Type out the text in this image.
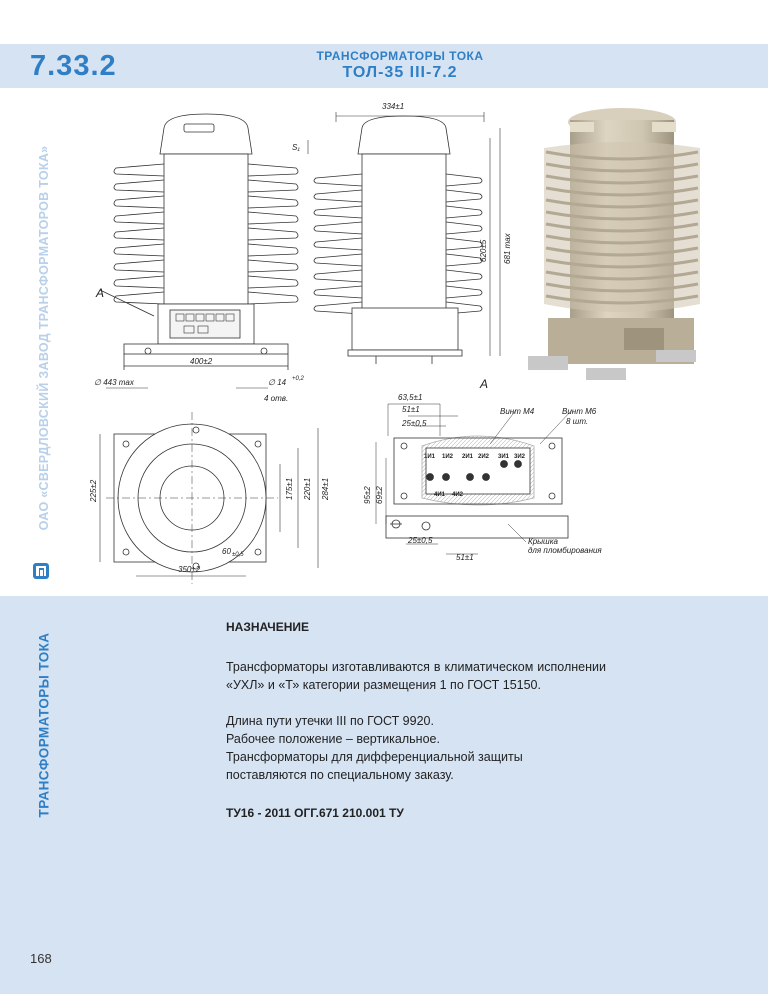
7.33.2	ТРАНСФОРМАТОРЫ ТОКА
ТОЛ-35 III-7.2
ОАО «СВЕРДЛОВСКИЙ ЗАВОД ТРАНСФОРМАТОРОВ ТОКА»	A
400±2
334±1
S₁
620±5 681 max
∅ 443 max	∅ 14 +0,2
4 отв.
225±2	175±1 220±1 284±1
60 ±0,5
350±2
A
63,5±1
51±1
25±0,5
Винт М4	Винт М6
8 шт.
95±2 69±2
25±0,5
51±1
Крышка
для пломбирования
1И1 1И2 2И1 2И2 3И1 3И2
4И1 4И2
ТРАНСФОРМАТОРЫ ТОКА
НАЗНАЧЕНИЕ

Трансформаторы изготавливаются в климатическом исполнении «УХЛ» и «Т» категории размещения 1 по ГОСТ 15150.

Длина пути утечки III по ГОСТ 9920.

Рабочее положение – вертикальное.

Трансформаторы для дифференциальной защиты поставляются по специальному заказу.

ТУ16 - 2011 ОГГ.671 210.001 ТУ

168
